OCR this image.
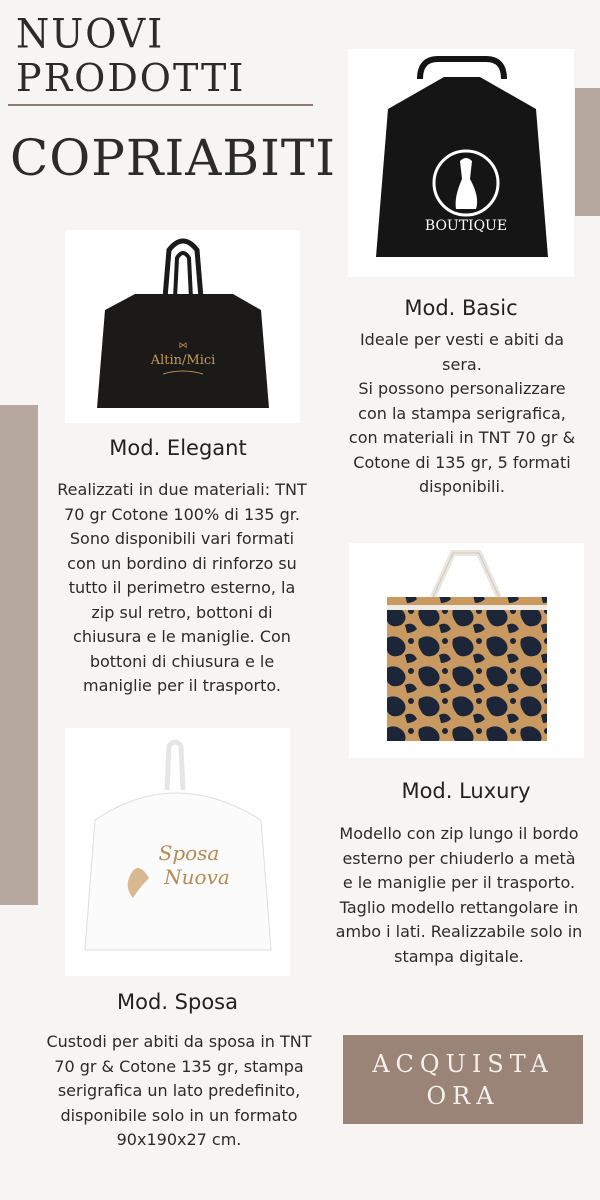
NUOVI
PRODOTTI
COPRIABITI
BOUTIQUE
Mod. Basic
Ideale per vesti e abiti da
sera.
Si possono personalizzare
con la stampa serigrafica,
con materiali in TNT 70 gr &
Cotone di 135 gr, 5 formati
disponibili.
⋈
Altin/Mici
Mod. Elegant
Realizzati in due materiali: TNT
70 gr Cotone 100% di 135 gr.
Sono disponibili vari formati
con un bordino di rinforzo su
tutto il perimetro esterno, la
zip sul retro, bottoni di
chiusura e le maniglie. Con
bottoni di chiusura e le
maniglie per il trasporto.
Mod. Luxury
Modello con zip lungo il bordo
esterno per chiuderlo a metà
e le maniglie per il trasporto.
Taglio modello rettangolare in
ambo i lati. Realizzabile solo in
stampa digitale.
Sposa
Nuova
Mod. Sposa
Custodi per abiti da sposa in TNT
70 gr & Cotone 135 gr, stampa
serigrafica un lato predefinito,
disponibile solo in un formato
90x190x27 cm.
ACQUISTA
ORA
